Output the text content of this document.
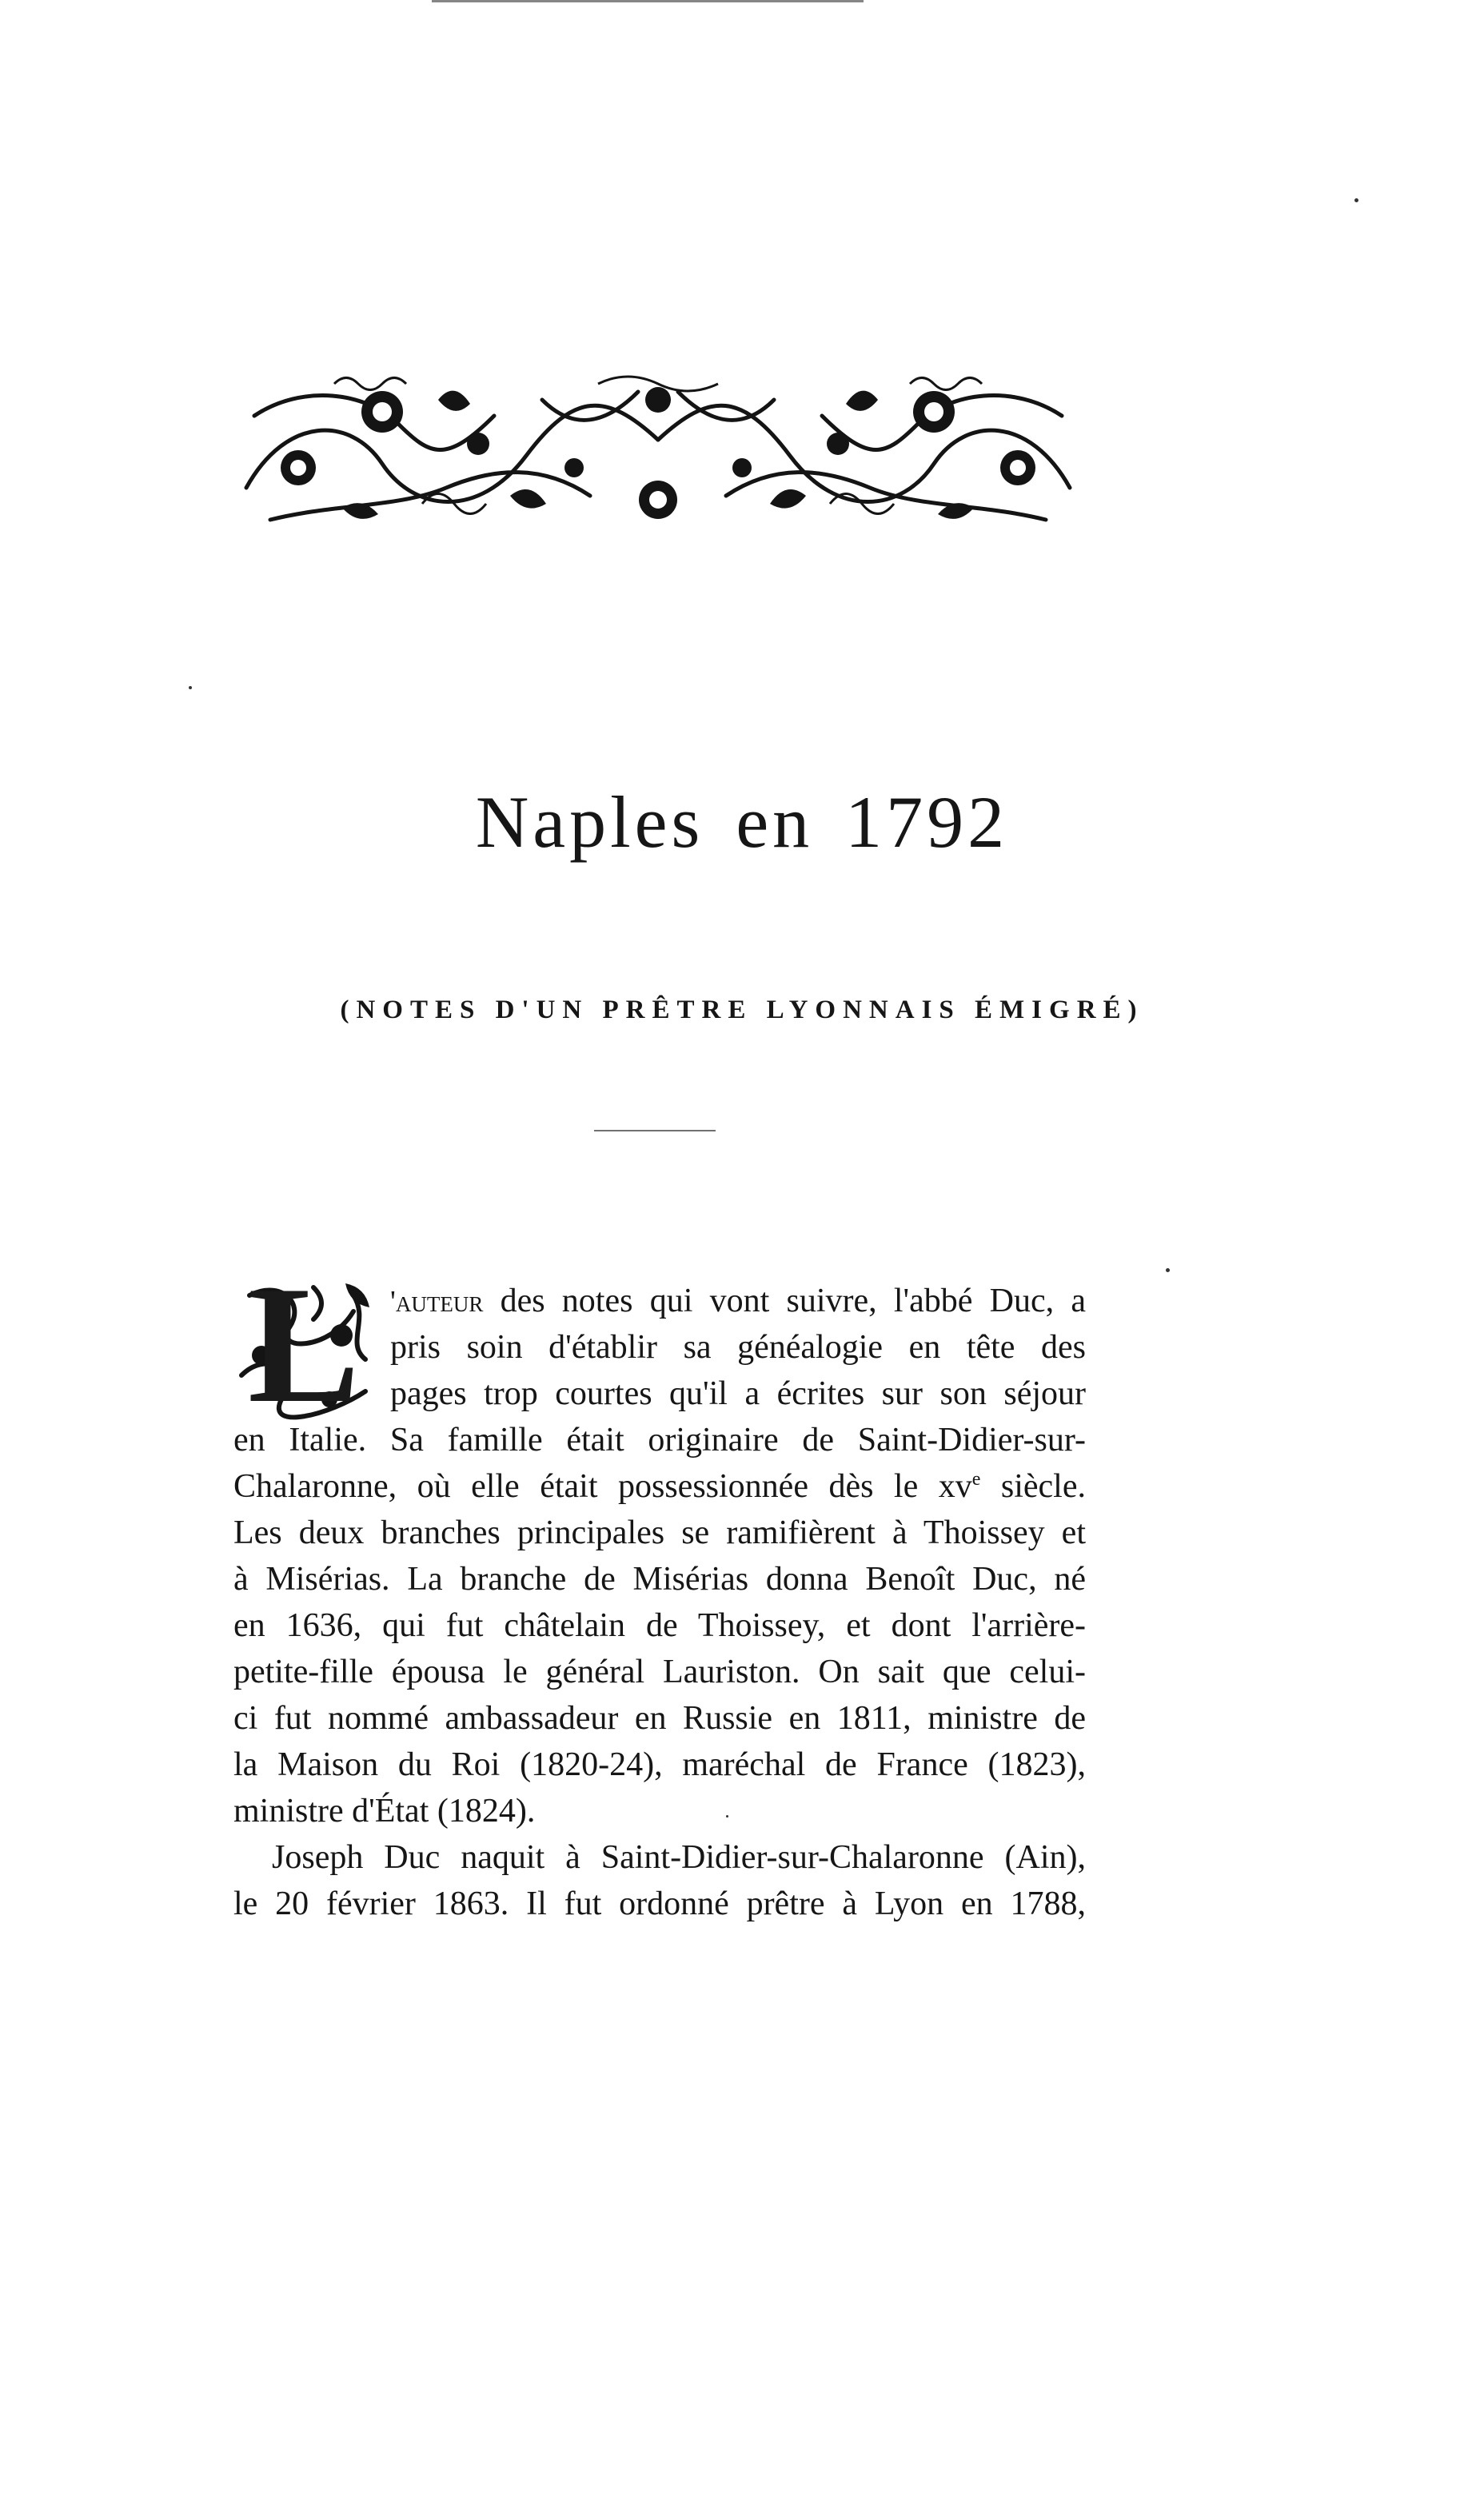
Naples en 1792
(NOTES D'UN PRÊTRE LYONNAIS ÉMIGRÉ)

L 'auteur des notes qui vont suivre, l'abbé Duc, a

pris soin d'établir sa généalogie en tête des

pages trop courtes qu'il a écrites sur son séjour

en Italie. Sa famille était originaire de Saint-Didier-sur-

Chalaronne, où elle était possessionnée dès le $xv^e$ siècle.

Les deux branches principales se ramifièrent à Thoissey et

à Misérias. La branche de Misérias donna Benoît Duc, né

en 1636, qui fut châtelain de Thoissey, et dont l'arrière-

petite-fille épousa le général Lauriston. On sait que celui-

ci fut nommé ambassadeur en Russie en 1811, ministre de

la Maison du Roi (1820-24), maréchal de France (1823),

ministre d'État (1824).

Joseph Duc naquit à Saint-Didier-sur-Chalaronne (Ain),

le 20 février 1863. Il fut ordonné prêtre à Lyon en 1788,
